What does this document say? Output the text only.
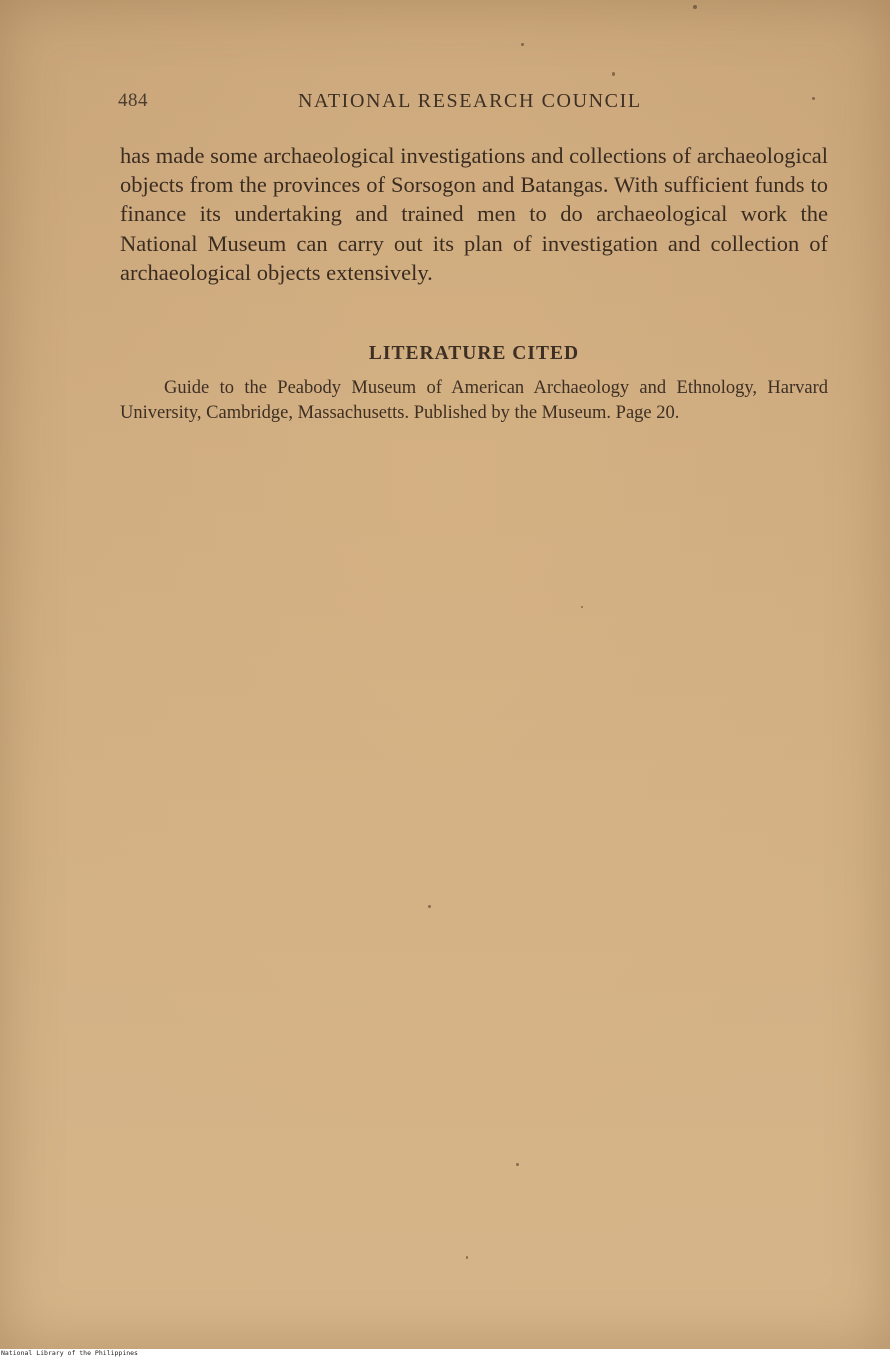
484	NATIONAL RESEARCH COUNCIL

has made some archaeological investigations and collections of archaeological objects from the provinces of Sorsogon and Batangas. With sufficient funds to finance its undertaking and trained men to do archaeological work the National Museum can carry out its plan of investigation and collection of archaeological objects extensively.

LITERATURE CITED

Guide to the Peabody Museum of American Archaeology and Ethnology, Harvard University, Cambridge, Massachusetts. Published by the Museum. Page 20.

National Library of the Philippines
